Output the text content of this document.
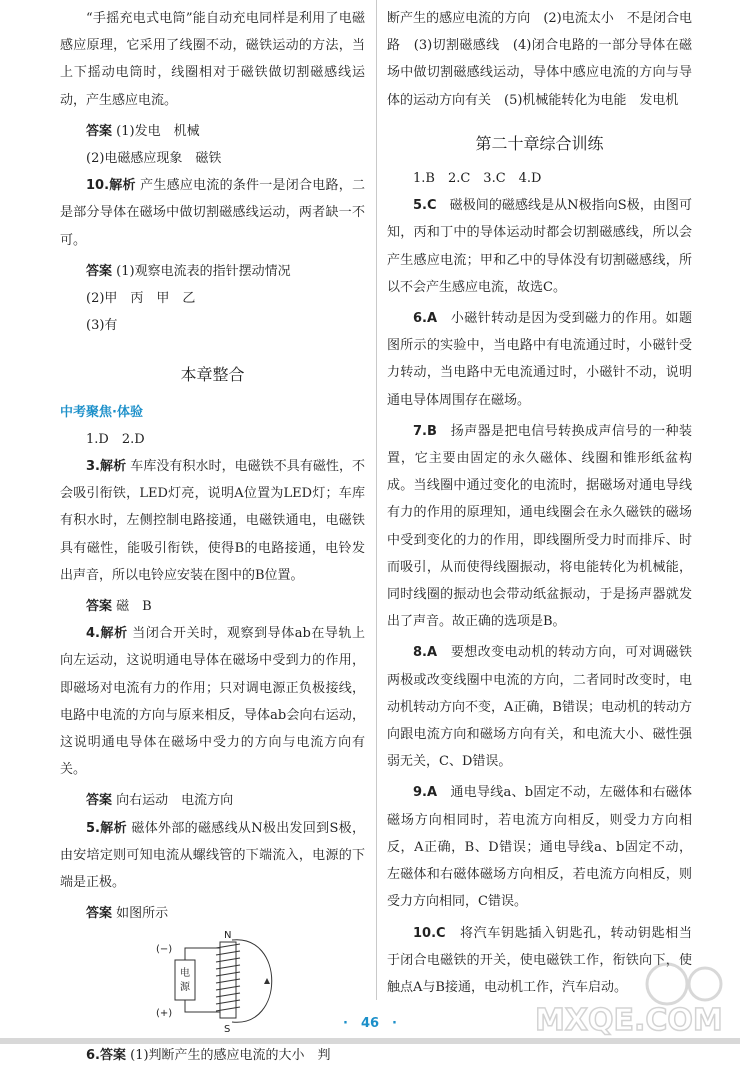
“手摇充电式电筒”能自动充电同样是利用了电磁感应原理，它采用了线圈不动，磁铁运动的方法，当上下摇动电筒时，线圈相对于磁铁做切割磁感线运动，产生感应电流。

答案 (1)发电　机械

(2)电磁感应现象　磁铁

10.解析 产生感应电流的条件一是闭合电路，二是部分导体在磁场中做切割磁感线运动，两者缺一不可。

答案 (1)观察电流表的指针摆动情况

(2)甲　丙　甲　乙

(3)有

本章整合

中考聚焦·体验

1.D　2.D

3.解析 车库没有积水时，电磁铁不具有磁性，不会吸引衔铁，LED灯亮，说明A位置为LED灯；车库有积水时，左侧控制电路接通，电磁铁通电，电磁铁具有磁性，能吸引衔铁，使得B的电路接通，电铃发出声音，所以电铃应安装在图中的B位置。

答案 磁　B

4.解析 当闭合开关时，观察到导体ab在导轨上向左运动，这说明通电导体在磁场中受到力的作用，即磁场对电流有力的作用；只对调电源正负极接线，电路中电流的方向与原来相反，导体ab会向右运动，这说明通电导体在磁场中受力的方向与电流方向有关。

答案 向右运动　电流方向

5.解析 磁体外部的磁感线从N极出发回到S极，由安培定则可知电流从螺线管的下端流入，电源的下端是正极。

答案 如图所示

电
源
(−)
(+)
N
S

6.答案 (1)判断产生的感应电流的大小　判

断产生的感应电流的方向　(2)电流太小　不是闭合电路　(3)切割磁感线　(4)闭合电路的一部分导体在磁场中做切割磁感线运动，导体中感应电流的方向与导体的运动方向有关　(5)机械能转化为电能　发电机

第二十章综合训练

1.B　2.C　3.C　4.D

5.C　 磁极间的磁感线是从N极指向S极，由图可知，丙和丁中的导体运动时都会切割磁感线，所以会产生感应电流；甲和乙中的导体没有切割磁感线，所以不会产生感应电流，故选C。

6.A　 小磁针转动是因为受到磁力的作用。如题图所示的实验中，当电路中有电流通过时，小磁针受力转动，当电路中无电流通过时，小磁针不动，说明通电导体周围存在磁场。

7.B　 扬声器是把电信号转换成声信号的一种装置，它主要由固定的永久磁体、线圈和锥形纸盆构成。当线圈中通过变化的电流时，据磁场对通电导线有力的作用的原理知，通电线圈会在永久磁铁的磁场中受到变化的力的作用，即线圈所受力时而排斥、时而吸引，从而使得线圈振动，将电能转化为机械能，同时线圈的振动也会带动纸盆振动，于是扬声器就发出了声音。故正确的选项是B。

8.A　 要想改变电动机的转动方向，可对调磁铁两极或改变线圈中电流的方向，二者同时改变时，电动机转动方向不变，A正确，B错误；电动机的转动方向跟电流方向和磁场方向有关，和电流大小、磁性强弱无关，C、D错误。

9.A　 通电导线a、b固定不动，左磁体和右磁体磁场方向相同时，若电流方向相反，则受力方向相反，A正确，B、D错误；通电导线a、b固定不动，左磁体和右磁体磁场方向相反，若电流方向相反，则受力方向相同，C错误。

10.C　 将汽车钥匙插入钥匙孔，转动钥匙相当于闭合电磁铁的开关，使电磁铁工作，衔铁向下，使触点A与B接通，电动机工作，汽车启动。

·　46　·	MXQE.COM
